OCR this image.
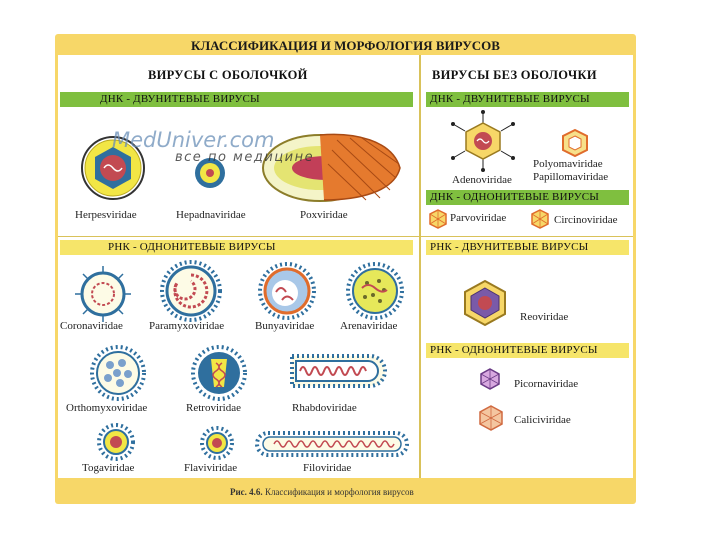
КЛАССИФИКАЦИЯ И МОРФОЛОГИЯ ВИРУСОВ
ВИРУСЫ С ОБОЛОЧКОЙ	ВИРУСЫ БЕЗ ОБОЛОЧКИ
ДНК - ДВУНИТЕВЫЕ ВИРУСЫ	ДНК - ДВУНИТЕВЫЕ ВИРУСЫ
ДНК - ОДНОНИТЕВЫЕ ВИРУСЫ
РНК - ОДНОНИТЕВЫЕ ВИРУСЫ	РНК - ДВУНИТЕВЫЕ ВИРУСЫ
РНК - ОДНОНИТЕВЫЕ ВИРУСЫ
Herpesviridae	Hepadnaviridae	Poxviridae
MedUniver.com
все по медицине
Coronaviridae Paramyxoviridae	Bunyaviridae Arenaviridae
Orthomyxoviridae	Retroviridae	Rhabdoviridae
Togaviridae	Flaviviridae	Filoviridae
Adenoviridae
Polyomaviridae
Papillomaviridae
Parvoviridae	Circinoviridae
Reoviridae
Picornaviridae
Caliciviridae
Рис. 4.6. Классификация и морфология вирусов
